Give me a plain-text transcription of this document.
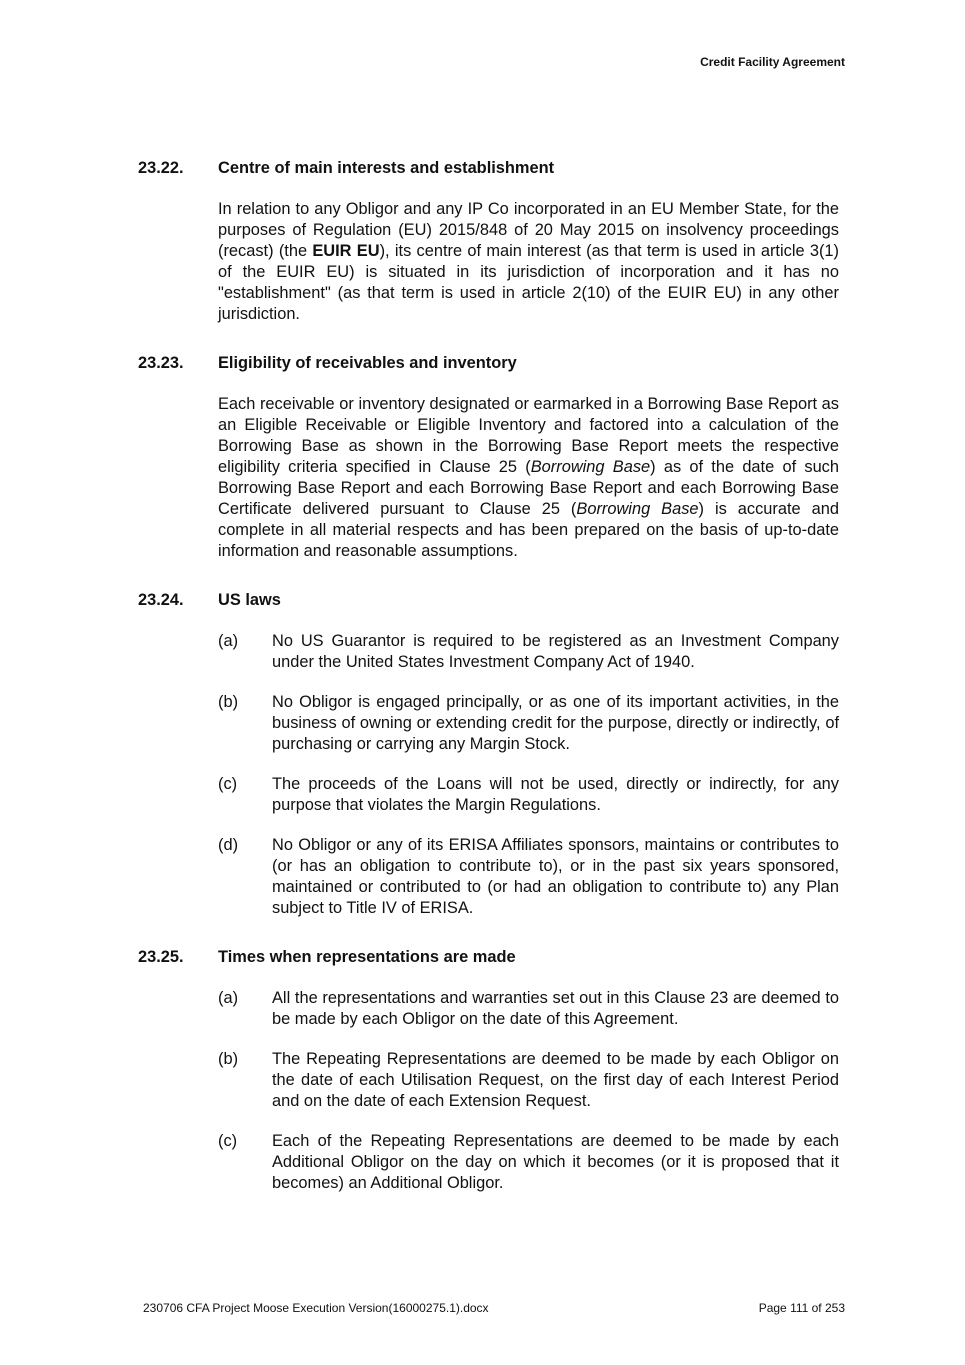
Credit Facility Agreement
23.22.	Centre of main interests and establishment

In relation to any Obligor and any IP Co incorporated in an EU Member State, for the purposes of Regulation (EU) 2015/848 of 20 May 2015 on insolvency proceedings (recast) (the EUIR EU), its centre of main interest (as that term is used in article 3(1) of the EUIR EU) is situated in its jurisdiction of incorporation and it has no "establishment" (as that term is used in article 2(10) of the EUIR EU) in any other jurisdiction.

23.23.	Eligibility of receivables and inventory

Each receivable or inventory designated or earmarked in a Borrowing Base Report as an Eligible Receivable or Eligible Inventory and factored into a calculation of the Borrowing Base as shown in the Borrowing Base Report meets the respective eligibility criteria specified in Clause 25 (Borrowing Base) as of the date of such Borrowing Base Report and each Borrowing Base Report and each Borrowing Base Certificate delivered pursuant to Clause 25 (Borrowing Base) is accurate and complete in all material respects and has been prepared on the basis of up-to-date information and reasonable assumptions.

23.24.	US laws
(a)	No US Guarantor is required to be registered as an Investment Company under the United States Investment Company Act of 1940.
(b)	No Obligor is engaged principally, or as one of its important activities, in the business of owning or extending credit for the purpose, directly or indirectly, of purchasing or carrying any Margin Stock.
(c)	The proceeds of the Loans will not be used, directly or indirectly, for any purpose that violates the Margin Regulations.
(d)	No Obligor or any of its ERISA Affiliates sponsors, maintains or contributes to (or has an obligation to contribute to), or in the past six years sponsored, maintained or contributed to (or had an obligation to contribute to) any Plan subject to Title IV of ERISA.
23.25.	Times when representations are made
(a)	All the representations and warranties set out in this Clause 23 are deemed to be made by each Obligor on the date of this Agreement.
(b)	The Repeating Representations are deemed to be made by each Obligor on the date of each Utilisation Request, on the first day of each Interest Period and on the date of each Extension Request.
(c)	Each of the Repeating Representations are deemed to be made by each Additional Obligor on the day on which it becomes (or it is proposed that it becomes) an Additional Obligor.
230706 CFA Project Moose Execution Version(16000275.1).docx	Page 111 of 253
